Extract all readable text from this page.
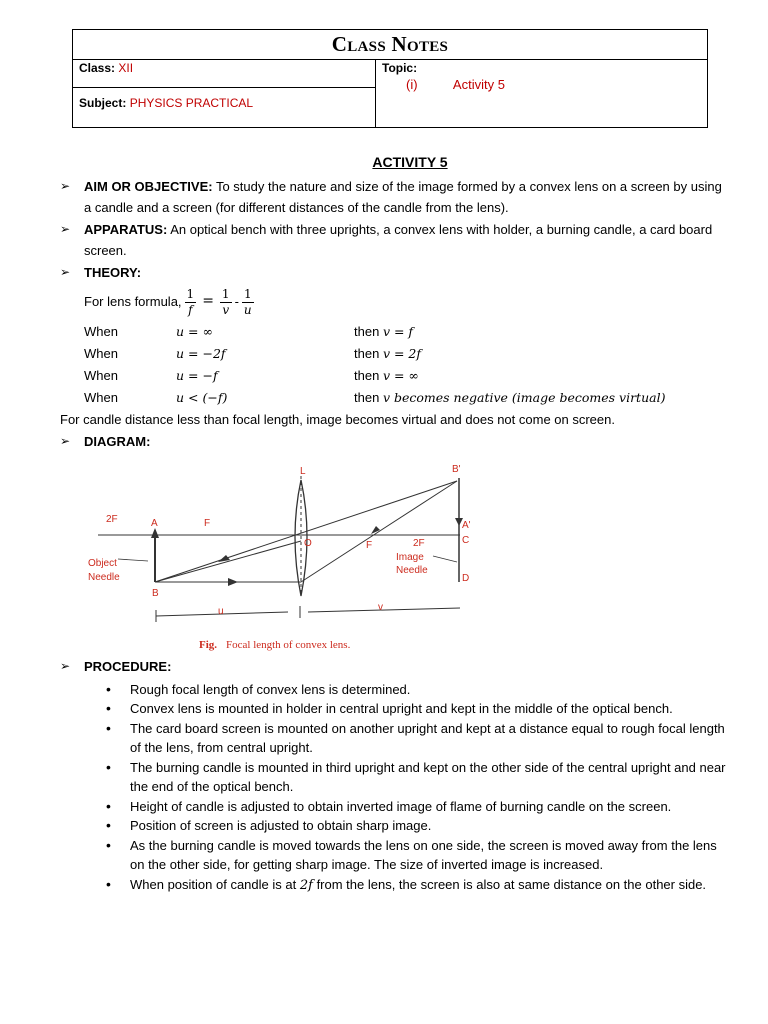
Class Notes
Class: XII
Subject: PHYSICS PRACTICAL
Topic:
(i)	Activity 5
ACTIVITY 5
➢ AIM OR OBJECTIVE: To study the nature and size of the image formed by a convex lens on a screen by using a candle and a screen (for different distances of the candle from the lens).
➢ APPARATUS: An optical bench with three uprights, a convex lens with holder, a burning candle, a card board screen.
➢ THEORY:
For lens formula, $\frac{1}{f} = \frac{1}{v} - \frac{1}{u}$
When	u = ∞	then v = f
When	u = −2f	then v = 2f
When	u = −f	then v = ∞
When	u < (−f)	then v becomes negative (image becomes virtual)
For candle distance less than focal length, image becomes virtual and does not come on screen.
➢ DIAGRAM:
L	B'
2F	A	F
O	F	2F
A'
C
Object
Needle
B
Image
Needle
D
u	v
Fig. Focal length of convex lens.
➢ PROCEDURE:
• Rough focal length of convex lens is determined.
• Convex lens is mounted in holder in central upright and kept in the middle of the optical bench.
• The card board screen is mounted on another upright and kept at a distance equal to rough focal length of the lens, from central upright.
• The burning candle is mounted in third upright and kept on the other side of the central upright and near the end of the optical bench.
• Height of candle is adjusted to obtain inverted image of flame of burning candle on the screen.
• Position of screen is adjusted to obtain sharp image.
• As the burning candle is moved towards the lens on one side, the screen is moved away from the lens on the other side, for getting sharp image. The size of inverted image is increased.
• When position of candle is at 2f from the lens, the screen is also at same distance on the other side.
